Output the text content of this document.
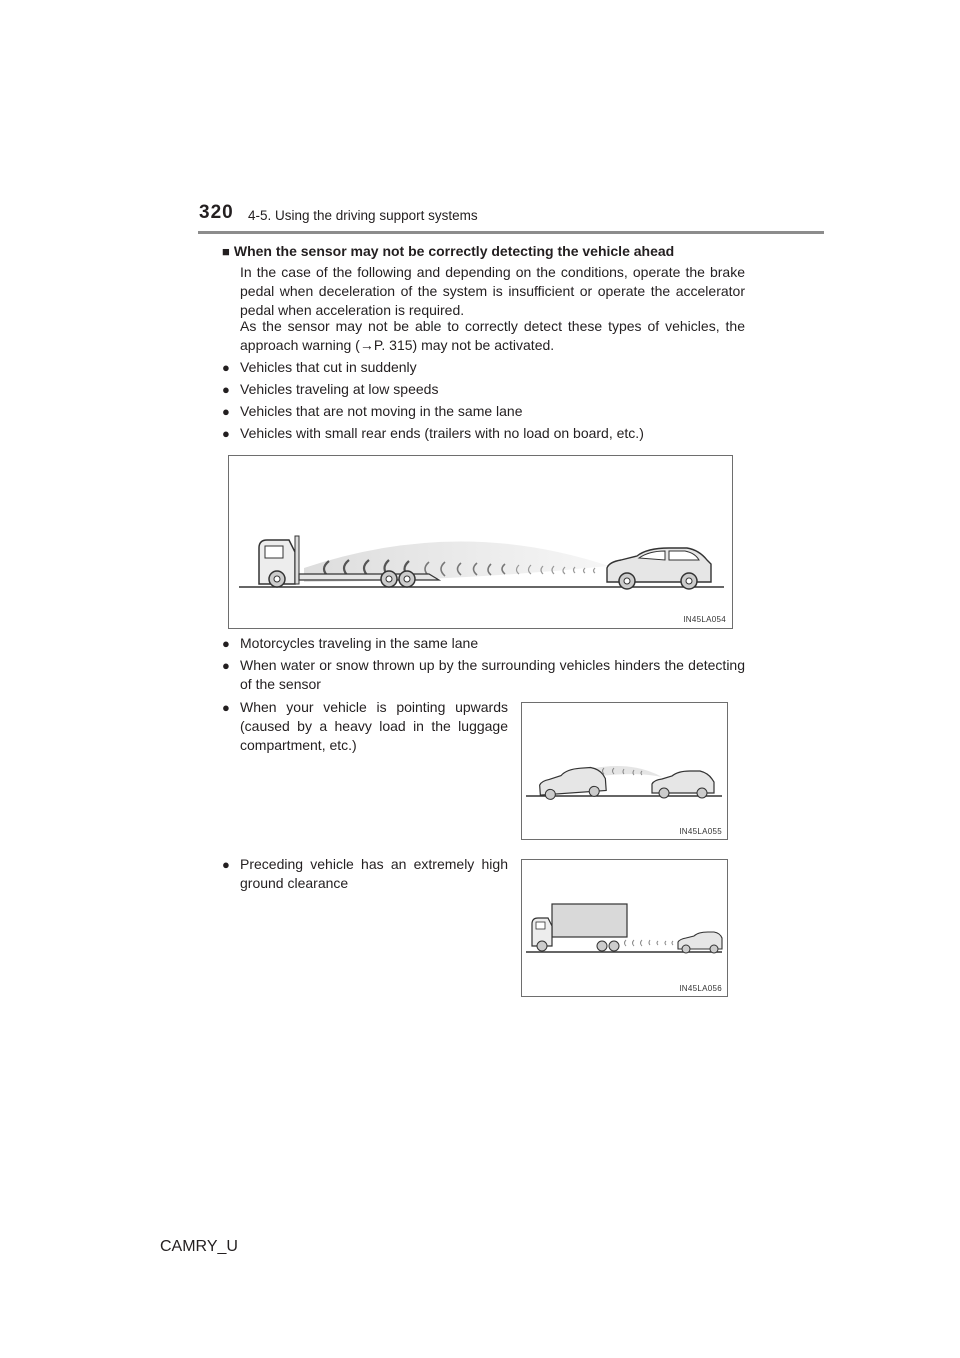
320 4-5. Using the driving support systems
■ When the sensor may not be correctly detecting the vehicle ahead
In the case of the following and depending on the conditions, operate the brake pedal when deceleration of the system is insufficient or operate the accelerator pedal when acceleration is required.
As the sensor may not be able to correctly detect these types of vehicles, the approach warning (→P. 315) may not be activated.
● Vehicles that cut in suddenly
● Vehicles traveling at low speeds
● Vehicles that are not moving in the same lane
● Vehicles with small rear ends (trailers with no load on board, etc.)
IN45LA054
● Motorcycles traveling in the same lane
● When water or snow thrown up by the surrounding vehicles hinders the detecting of the sensor
● When your vehicle is pointing upwards (caused by a heavy load in the luggage compartment, etc.)
IN45LA055
● Preceding vehicle has an extremely high ground clearance
IN45LA056
CAMRY_U
